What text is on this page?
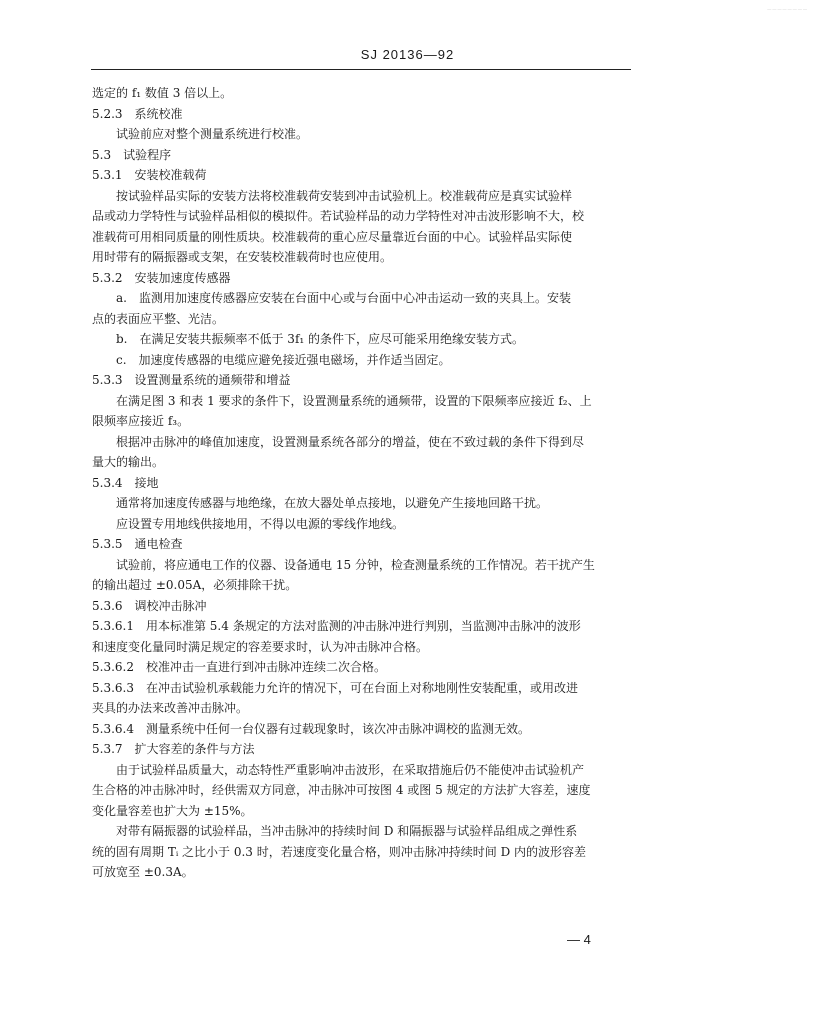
— — — — — — — —
SJ 20136—92

选定的 f₁ 数值 3 倍以上。

5.2.3　系统校准

试验前应对整个测量系统进行校准。

5.3　试验程序

5.3.1　安装校准载荷

按试验样品实际的安装方法将校准载荷安装到冲击试验机上。校准载荷应是真实试验样

品或动力学特性与试验样品相似的模拟件。若试验样品的动力学特性对冲击波形影响不大，校

准载荷可用相同质量的刚性质块。校准载荷的重心应尽量靠近台面的中心。试验样品实际使

用时带有的隔振器或支架，在安装校准载荷时也应使用。

5.3.2　安装加速度传感器

a.　监测用加速度传感器应安装在台面中心或与台面中心冲击运动一致的夹具上。安装

点的表面应平整、光洁。

b.　在满足安装共振频率不低于 3f₁ 的条件下，应尽可能采用绝缘安装方式。

c.　加速度传感器的电缆应避免接近强电磁场，并作适当固定。

5.3.3　设置测量系统的通频带和增益

在满足图 3 和表 1 要求的条件下，设置测量系统的通频带，设置的下限频率应接近 f₂、上

限频率应接近 f₃。

根据冲击脉冲的峰值加速度，设置测量系统各部分的增益，使在不致过载的条件下得到尽

量大的输出。

5.3.4　接地

通常将加速度传感器与地绝缘，在放大器处单点接地，以避免产生接地回路干扰。

应设置专用地线供接地用，不得以电源的零线作地线。

5.3.5　通电检查

试验前，将应通电工作的仪器、设备通电 15 分钟，检查测量系统的工作情况。若干扰产生

的输出超过 ±0.05A，必须排除干扰。

5.3.6　调校冲击脉冲

5.3.6.1　用本标准第 5.4 条规定的方法对监测的冲击脉冲进行判别，当监测冲击脉冲的波形

和速度变化量同时满足规定的容差要求时，认为冲击脉冲合格。

5.3.6.2　校准冲击一直进行到冲击脉冲连续二次合格。

5.3.6.3　在冲击试验机承载能力允许的情况下，可在台面上对称地刚性安装配重，或用改进

夹具的办法来改善冲击脉冲。

5.3.6.4　测量系统中任何一台仪器有过载现象时，该次冲击脉冲调校的监测无效。

5.3.7　扩大容差的条件与方法

由于试验样品质量大，动态特性严重影响冲击波形，在采取措施后仍不能使冲击试验机产

生合格的冲击脉冲时，经供需双方同意，冲击脉冲可按图 4 或图 5 规定的方法扩大容差，速度

变化量容差也扩大为 ±15%。

对带有隔振器的试验样品，当冲击脉冲的持续时间 D 和隔振器与试验样品组成之弹性系

统的固有周期 Tᵢ 之比小于 0.3 时，若速度变化量合格，则冲击脉冲持续时间 D 内的波形容差

可放宽至 ±0.3A。

— 4
